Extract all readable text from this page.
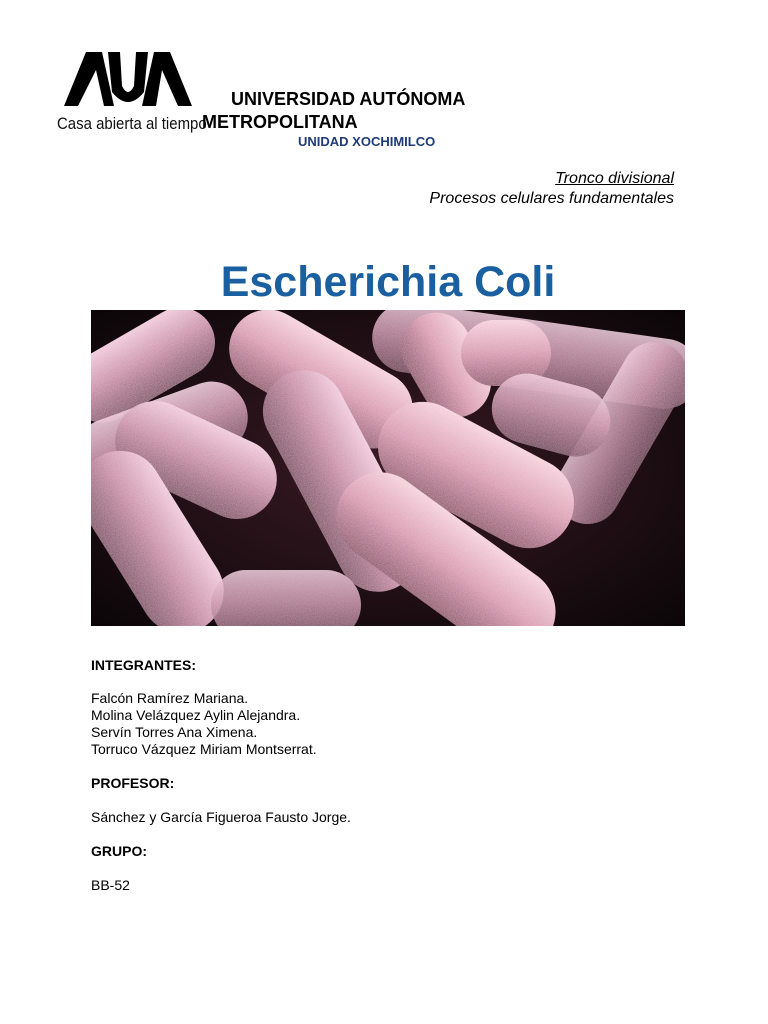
Casa abierta al tiempo
UNIVERSIDAD AUTÓNOMA
METROPOLITANA
UNIDAD XOCHIMILCO
Tronco divisional
Procesos celulares fundamentales
Escherichia Coli
INTEGRANTES:
Falcón Ramírez Mariana.
Molina Velázquez Aylin Alejandra.
Servín Torres Ana Ximena.
Torruco Vázquez Miriam Montserrat.
PROFESOR:
Sánchez y García Figueroa Fausto Jorge.
GRUPO:
BB-52
